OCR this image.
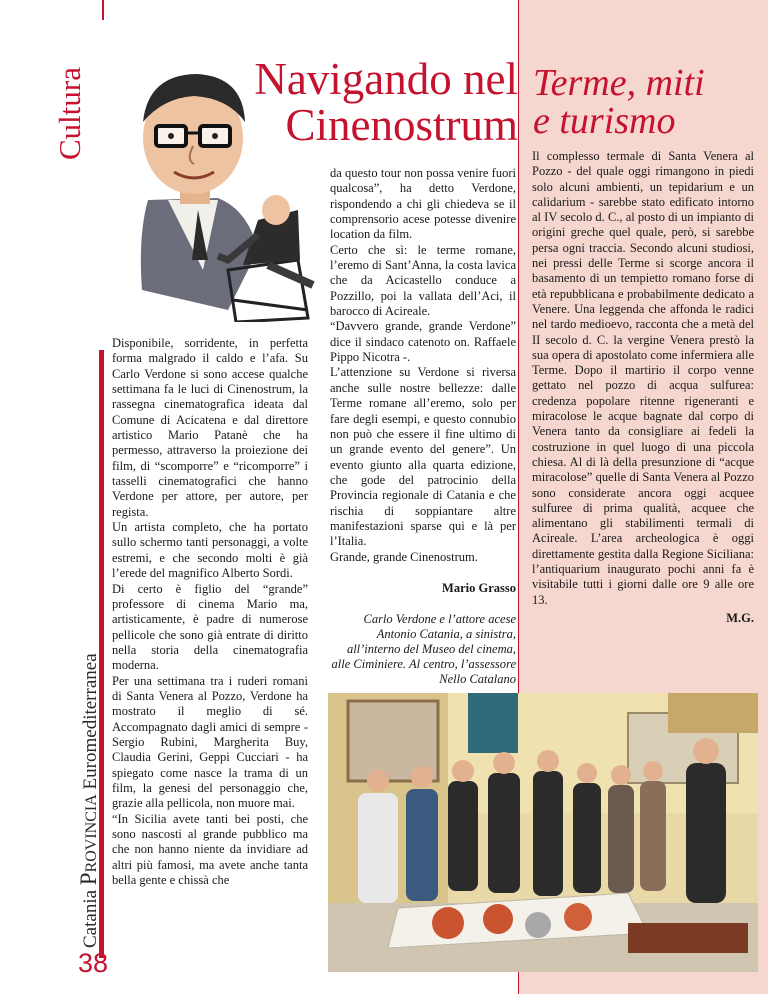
Cultura
Catania Provincia Euromediterranea
38
Navigando nel
Cinenostrum

Disponibile, sorridente, in perfetta forma malgrado il caldo e l’afa. Su Carlo Verdone si sono accese qualche settimana fa le luci di Cinenostrum, la rassegna cinematografica ideata dal Comune di Acicatena e dal direttore artistico Mario Patanè che ha permesso, attraverso la proiezione dei film, di “scomporre” e “ricomporre” i tasselli cinematografici che hanno Verdone per attore, per autore, per regista.

Un artista completo, che ha portato sullo schermo tanti personaggi, a volte estremi, e che secondo molti è già l’erede del magnifico Alberto Sordi.

Di certo è figlio del “grande” professore di cinema Mario ma, artisticamente, è padre di numerose pellicole che sono già entrate di diritto nella storia della cinematografia moderna.

Per una settimana tra i ruderi romani di Santa Venera al Pozzo, Verdone ha mostrato il meglio di sé. Accompagnato dagli amici di sempre - Sergio Rubini, Margherita Buy, Claudia Gerini, Geppi Cucciari - ha spiegato come nasce la trama di un film, la genesi del personaggio che, grazie alla pellicola, non muore mai.

“In Sicilia avete tanti bei posti, che sono nascosti al grande pubblico ma che non hanno niente da invidiare ad altri più famosi, ma avete anche tanta bella gente e chissà che

da questo tour non possa venire fuori qualcosa”, ha detto Verdone, rispondendo a chi gli chiedeva se il comprensorio acese potesse divenire location da film.

Certo che sì: le terme romane, l’eremo di Sant’Anna, la costa lavica che da Acicastello conduce a Pozzillo, poi la vallata dell’Aci, il barocco di Acireale.

“Davvero grande, grande Verdone” dice il sindaco catenoto on. Raffaele Pippo Nicotra -.

L’attenzione su Verdone si riversa anche sulle nostre bellezze: dalle Terme romane all’eremo, solo per fare degli esempi, e questo connubio non può che essere il fine ultimo di un grande evento del genere”. Un evento giunto alla quarta edizione, che gode del patrocinio della Provincia regionale di Catania e che rischia di soppiantare altre manifestazioni sparse qui e là per l’Italia.

Grande, grande Cinenostrum.

Mario Grasso

Carlo Verdone e l’attore acese Antonio Catania, a sinistra, all’interno del Museo del cinema, alle Ciminiere. Al centro, l’assessore Nello Catalano

Terme, miti
e turismo

Il complesso termale di Santa Venera al Pozzo - del quale oggi rimangono in piedi solo alcuni ambienti, un tepidarium e un calidarium - sarebbe stato edificato intorno al IV secolo d. C., al posto di un impianto di origini greche quel quale, però, si sarebbe persa ogni traccia. Secondo alcuni studiosi, nei pressi delle Terme si scorge ancora il basamento di un tempietto romano forse di età repubblicana e probabilmente dedicato a Venere. Una leggenda che affonda le radici nel tardo medioevo, racconta che a metà del II secolo d. C. la vergine Venera prestò la sua opera di apostolato come infermiera alle Terme. Dopo il martirio il corpo venne gettato nel pozzo di acqua sulfurea: credenza popolare ritenne rigeneranti e miracolose le acque bagnate dal corpo di Venera tanto da consigliare ai fedeli la costruzione in quel luogo di una piccola chiesa. Al di là della presunzione di “acque miracolose” quelle di Santa Venera al Pozzo sono considerate ancora oggi acquee sulfuree di prima qualità, acquee che alimentano gli stabilimenti termali di Acireale. L’area archeologica è oggi direttamente gestita dalla Regione Siciliana: l’antiquarium inaugurato pochi anni fa è visitabile tutti i giorni dalle ore 9 alle ore 13.

M.G.
